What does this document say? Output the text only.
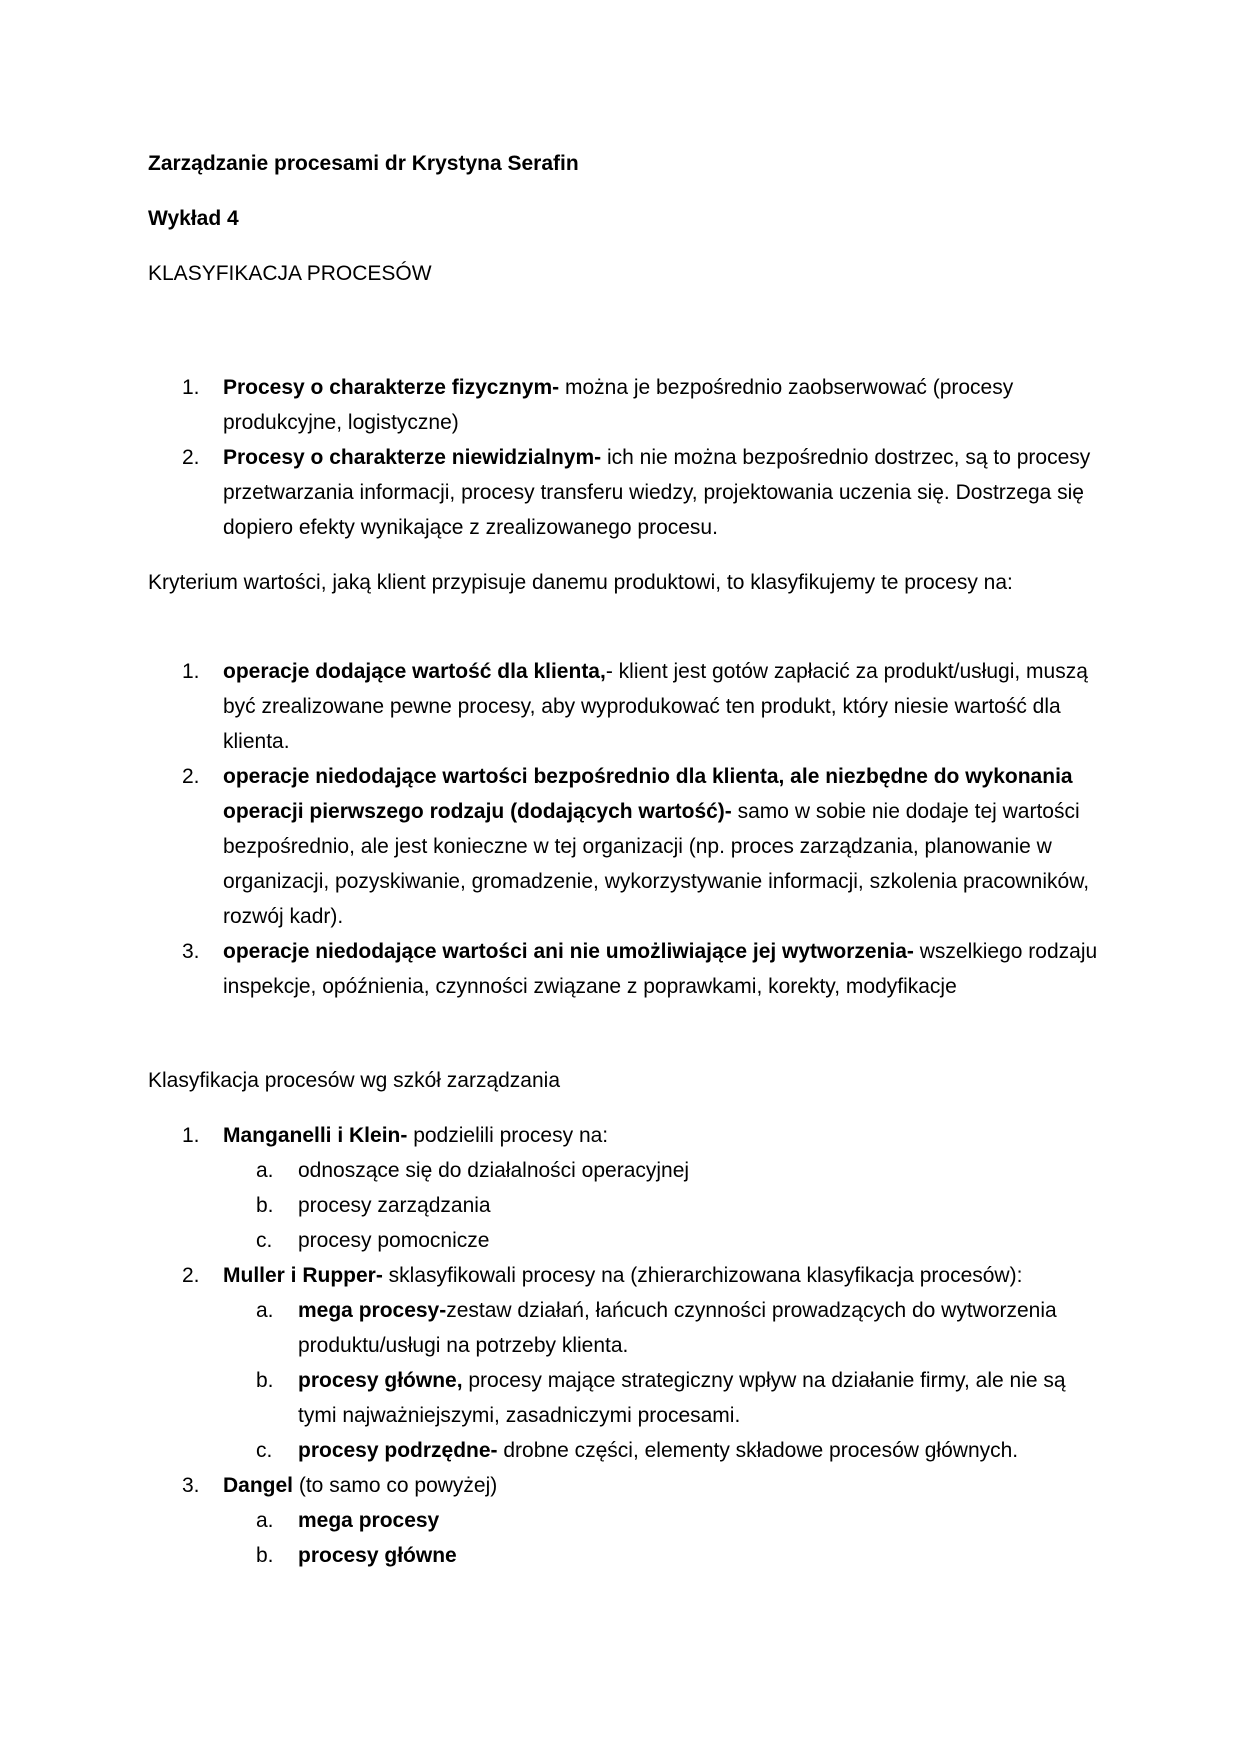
Zarządzanie procesami dr Krystyna Serafin

Wykład 4

KLASYFIKACJA PROCESÓW

1.	Procesy o charakterze fizycznym- można je bezpośrednio zaobserwować (procesy produkcyjne, logistyczne)
2.	Procesy o charakterze niewidzialnym- ich nie można bezpośrednio dostrzec, są to procesy przetwarzania informacji, procesy transferu wiedzy, projektowania uczenia się. Dostrzega się dopiero efekty wynikające z zrealizowanego procesu.

Kryterium wartości, jaką klient przypisuje danemu produktowi, to klasyfikujemy te procesy na:

1.	operacje dodające wartość dla klienta,- klient jest gotów zapłacić za produkt/usługi, muszą być zrealizowane pewne procesy, aby wyprodukować ten produkt, który niesie wartość dla klienta.
2.	operacje niedodające wartości bezpośrednio dla klienta, ale niezbędne do wykonania operacji pierwszego rodzaju (dodających wartość)- samo w sobie nie dodaje tej wartości bezpośrednio, ale jest konieczne w tej organizacji (np. proces zarządzania, planowanie w organizacji, pozyskiwanie, gromadzenie, wykorzystywanie informacji, szkolenia pracowników, rozwój kadr).
3.	operacje niedodające wartości ani nie umożliwiające jej wytworzenia- wszelkiego rodzaju inspekcje, opóźnienia, czynności związane z poprawkami, korekty, modyfikacje

Klasyfikacja procesów wg szkół zarządzania

1.	Manganelli i Klein- podzielili procesy na:
a.	odnoszące się do działalności operacyjnej
b.	procesy zarządzania
c.	procesy pomocnicze
2.	Muller i Rupper- sklasyfikowali procesy na (zhierarchizowana klasyfikacja procesów):
a.	mega procesy-zestaw działań, łańcuch czynności prowadzących do wytworzenia produktu/usługi na potrzeby klienta.
b.	procesy główne, procesy mające strategiczny wpływ na działanie firmy, ale nie są tymi najważniejszymi, zasadniczymi procesami.
c.	procesy podrzędne- drobne części, elementy składowe procesów głównych.
3.	Dangel (to samo co powyżej)
a.	mega procesy
b.	procesy główne
